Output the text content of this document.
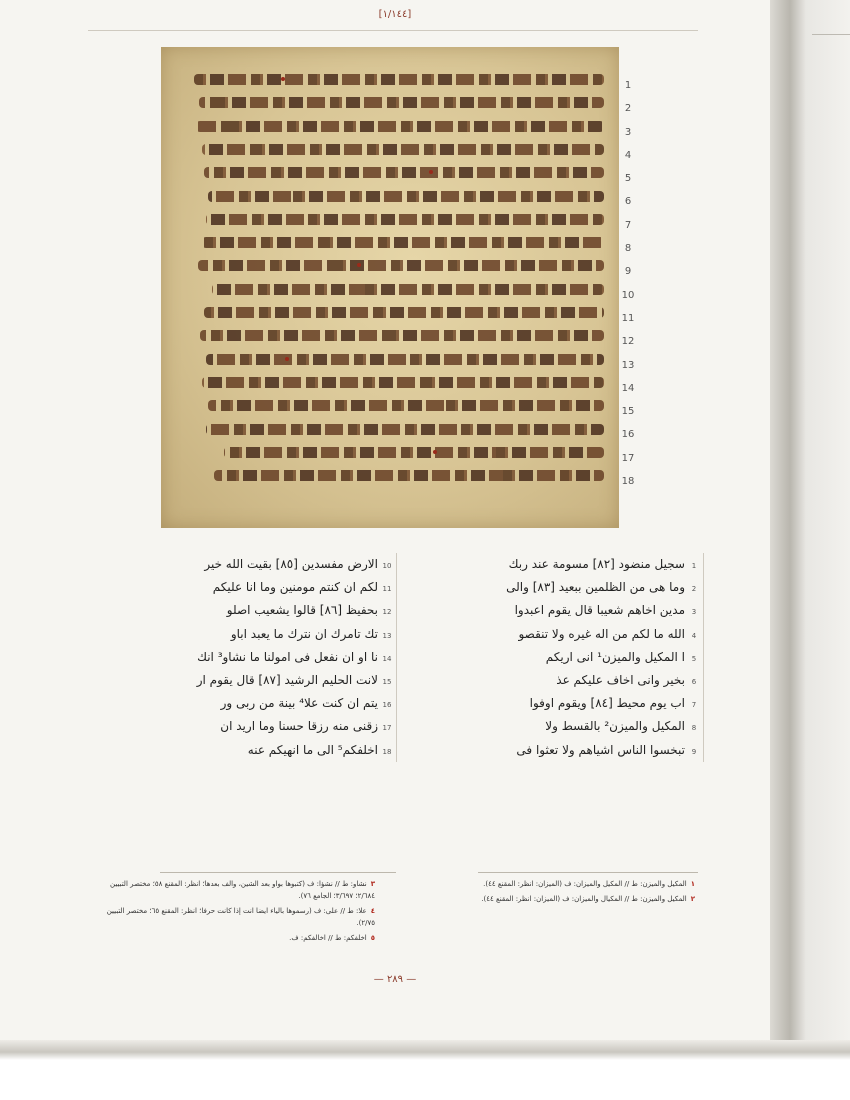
[١/١٤٤]
1
2
3
4
5
6
7
8
9
10
11
12
13
14
15
16
17
18
1سجيل منضود [٨٢] مسومة عند ربك
2وما هى من الظلمين ببعيد [٨٣] والى
3مدين اخاهم شعيبا قال يقوم اعبدوا
4الله ما لكم من اله غيره ولا تنقصو
5ا المكيل والميزن¹ انى اريكم
6بخير وانى اخاف عليكم عذ
7اب يوم محيط [٨٤] ويقوم اوفوا
8المكيل والميزن² بالقسط ولا
9تبخسوا الناس اشياهم ولا تعثوا فى
10الارض مفسدين [٨٥] بقيت الله خير
11لكم ان كنتم مومنين وما انا عليكم
12بحفيظ [٨٦] قالوا يشعيب اصلو
13تك تامرك ان نترك ما يعبد اباو
14نا او ان نفعل فى امولنا ما نشاو³ انك
15لانت الحليم الرشيد [٨٧] قال يقوم ار
16يتم ان كنت علا⁴ بينة من ربى ور
17زقنى منه رزقا حسنا وما اريد ان
18اخلفكم⁵ الى ما انهيكم عنه
١المكيل والميزن: ط // المكيل والميزان: ف (الميزان: انظر: المقنع ٤٤).
٢المكيل والميزن: ط // المكيال والميزان: ف (الميزان: انظر: المقنع ٤٤).
٣نشاو: ط // نشؤا: ف (كتبوها بواو بعد الشين، والف بعدها؛ انظر: المقنع ٥٨؛ مختصر التبيين ٢/٦٨٤؛ ٣/٦٩٧؛ الجامع ٧٦).
٤علا: ط // على: ف (رسموها بالياء ايضا انت إذا كانت حرفا؛ انظر: المقنع ٦٥؛ مختصر التبيين ٢/٧٥).
٥اخلفكم: ط // اخالفكم: ف.
— ٢٨٩ —
